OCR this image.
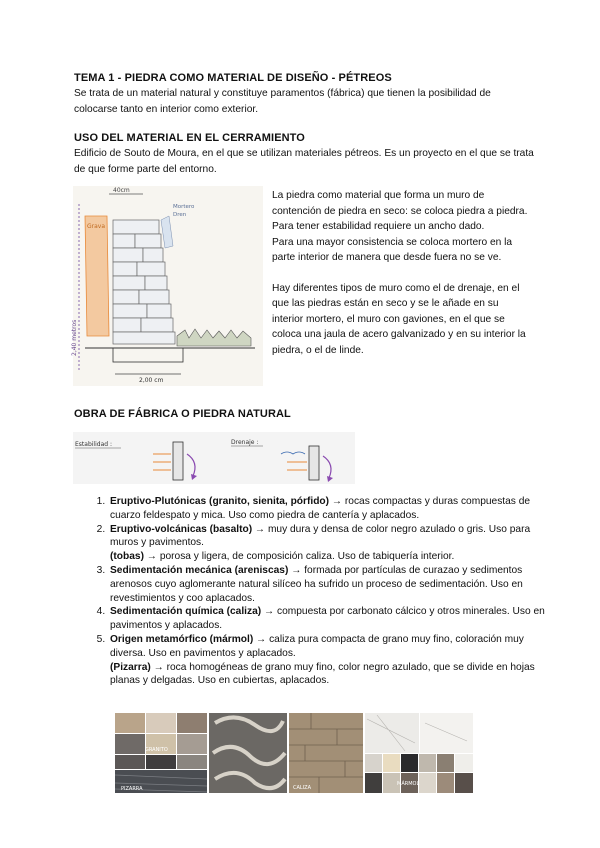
TEMA 1 - PIEDRA COMO MATERIAL DE DISEÑO - PÉTREOS
Se trata de un material natural y constituye paramentos (fábrica) que tienen la posibilidad de colocarse tanto en interior como exterior.
USO DEL MATERIAL EN EL CERRAMIENTO
Edificio de Souto de Moura, en el que se utilizan materiales pétreos. Es un proyecto en el que se trata de que forme parte del entorno.
40cm
2,40 metros
Grava
Mortero
Dren
2,00 cm

La piedra como material que forma un muro de contención de piedra en seco: se coloca piedra a piedra.

Para tener estabilidad requiere un ancho dado.

Para una mayor consistencia se coloca mortero en la parte interior de manera que desde fuera no se ve.

Hay diferentes tipos de muro como el de drenaje, en el que las piedras están en seco y se le añade en su interior mortero, el muro con gaviones, en el que se coloca una jaula de acero galvanizado y en su interior la piedra, o el de linde.

OBRA DE FÁBRICA O PIEDRA NATURAL
Estabilidad :	Drenaje :
1. Eruptivo-Plutónicas (granito, sienita, pórfido) → rocas compactas y duras compuestas de cuarzo feldespato y mica. Uso como piedra de cantería y aplacados.
2. Eruptivo-volcánicas (basalto) → muy dura y densa de color negro azulado o gris. Uso para muros y pavimentos.
(tobas) → porosa y ligera, de composición caliza. Uso de tabiquería interior.
3. Sedimentación mecánica (areniscas) → formada por partículas de curazao y sedimentos arenosos cuyo aglomerante natural silíceo ha sufrido un proceso de sedimentación. Uso en revestimientos y coo aplacados.
4. Sedimentación química (caliza) → compuesta por carbonato cálcico y otros minerales. Uso en pavimentos y aplacados.
5. Origen metamórfico (mármol) → caliza pura compacta de grano muy fino, coloración muy diversa. Uso en pavimentos y aplacados.
(Pizarra) → roca homogéneas de grano muy fino, color negro azulado, que se divide en hojas planas y delgadas. Uso en cubiertas, aplacados.
GRANITO
PIZARRA	CALIZA
MÁRMOL
